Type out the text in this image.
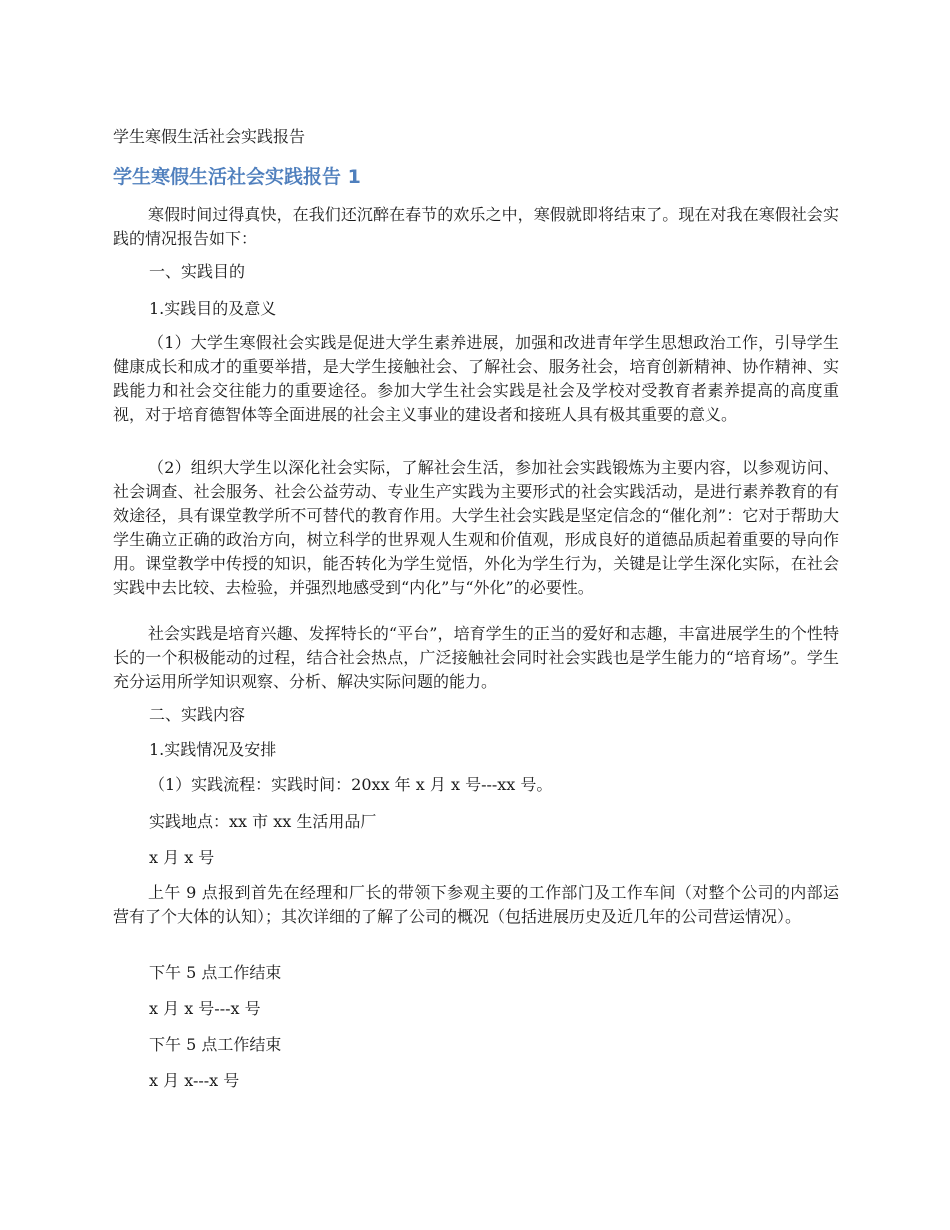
学生寒假生活社会实践报告
学生寒假生活社会实践报告 1

寒假时间过得真快，在我们还沉醉在春节的欢乐之中，寒假就即将结束了。现在对我在寒假社会实践的情况报告如下：

一、实践目的
1.实践目的及意义

（1）大学生寒假社会实践是促进大学生素养进展，加强和改进青年学生思想政治工作，引导学生健康成长和成才的重要举措，是大学生接触社会、了解社会、服务社会，培育创新精神、协作精神、实践能力和社会交往能力的重要途径。参加大学生社会实践是社会及学校对受教育者素养提高的高度重视，对于培育德智体等全面进展的社会主义事业的建设者和接班人具有极其重要的意义。

（2）组织大学生以深化社会实际，了解社会生活，参加社会实践锻炼为主要内容，以参观访问、社会调查、社会服务、社会公益劳动、专业生产实践为主要形式的社会实践活动，是进行素养教育的有效途径，具有课堂教学所不可替代的教育作用。大学生社会实践是坚定信念的“催化剂”：它对于帮助大学生确立正确的政治方向，树立科学的世界观人生观和价值观，形成良好的道德品质起着重要的导向作用。课堂教学中传授的知识，能否转化为学生觉悟，外化为学生行为，关键是让学生深化实际，在社会实践中去比较、去检验，并强烈地感受到“内化”与“外化”的必要性。

社会实践是培育兴趣、发挥特长的“平台”，培育学生的正当的爱好和志趣，丰富进展学生的个性特长的一个积极能动的过程，结合社会热点，广泛接触社会同时社会实践也是学生能力的“培育场”。学生充分运用所学知识观察、分析、解决实际问题的能力。

二、实践内容
1.实践情况及安排
（1）实践流程：实践时间：20xx 年 x 月 x 号---xx 号。
实践地点：xx 市 xx 生活用品厂
x 月 x 号

上午 9 点报到首先在经理和厂长的带领下参观主要的工作部门及工作车间（对整个公司的内部运营有了个大体的认知）；其次详细的了解了公司的概况（包括进展历史及近几年的公司营运情况）。

下午 5 点工作结束
x 月 x 号---x 号
下午 5 点工作结束
x 月 x---x 号
